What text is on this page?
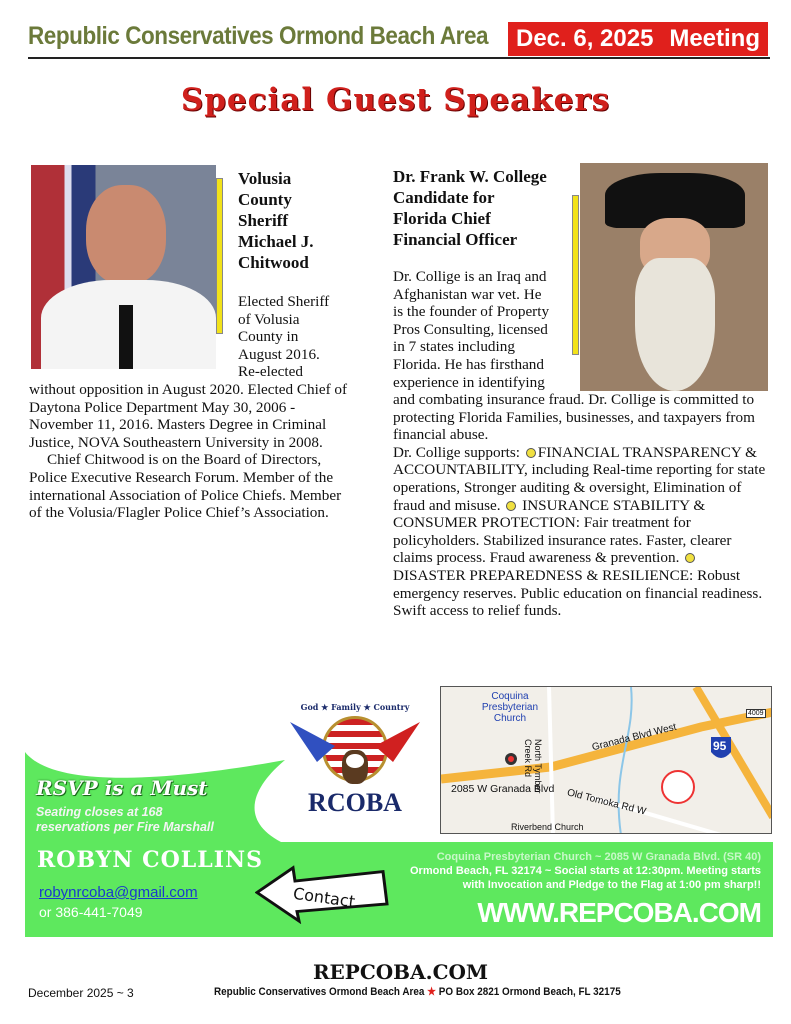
Republic Conservatives Ormond Beach Area Dec. 6, 2025 Meeting
Special Guest Speakers
Volusia
County
Sheriff
Michael J.
Chitwood
Elected Sheriff
of Volusia
County in
August 2016.
Re-elected

without opposition in August 2020. Elected Chief of Daytona Police Department May 30, 2006 - November 11, 2016. Masters Degree in Criminal Justice, NOVA Southeastern University in 2008.

Chief Chitwood is on the Board of Directors, Police Executive Research Forum. Member of the international Association of Police Chiefs. Member of the Volusia/Flagler Police Chief’s Association.

Dr. Frank W. College
Candidate for
Florida Chief
Financial Officer
Dr. Collige is an Iraq and
Afghanistan war vet. He
is the founder of Property
Pros Consulting, licensed
in 7 states including
Florida. He has firsthand
experience in identifying

and combating insurance fraud. Dr. Collige is committed to protecting Florida Families, businesses, and taxpayers from financial abuse.

Dr. Collige supports: FINANCIAL TRANSPARENCY & ACCOUNTABILITY, including Real-time reporting for state operations, Stronger auditing & oversight, Elimination of fraud and misuse. INSURANCE STABILITY & CONSUMER PROTECTION: Fair treatment for policyholders. Stabilized insurance rates. Faster, clearer claims process. Fraud awareness & prevention.  DISASTER PREPAREDNESS & RESILIENCE: Robust emergency reserves. Public education on financial readiness. Swift access to relief funds.

RSVP is a Must
Seating closes at 168
reservations per Fire Marshall
God ★ Family ★ Country
RCOBA
Coquina Presbyterian Church
North Tymber Creek Rd
Granada Blvd West
2085 W Granada Blvd Old Tomoka Rd W
Riverbend Church
95
4009
ROBYN COLLINS
robynrcoba@gmail.com
or 386-441-7049
Contact
Coquina Presbyterian Church ~ 2085 W Granada Blvd. (SR 40)
Ormond Beach, FL 32174 ~ Social starts at 12:30pm. Meeting starts
with Invocation and Pledge to the Flag at 1:00 pm sharp!!
WWW.REPCOBA.COM
December 2025 ~ 3
REPCOBA.COM
Republic Conservatives Ormond Beach Area ★ PO Box 2821 Ormond Beach, FL 32175
